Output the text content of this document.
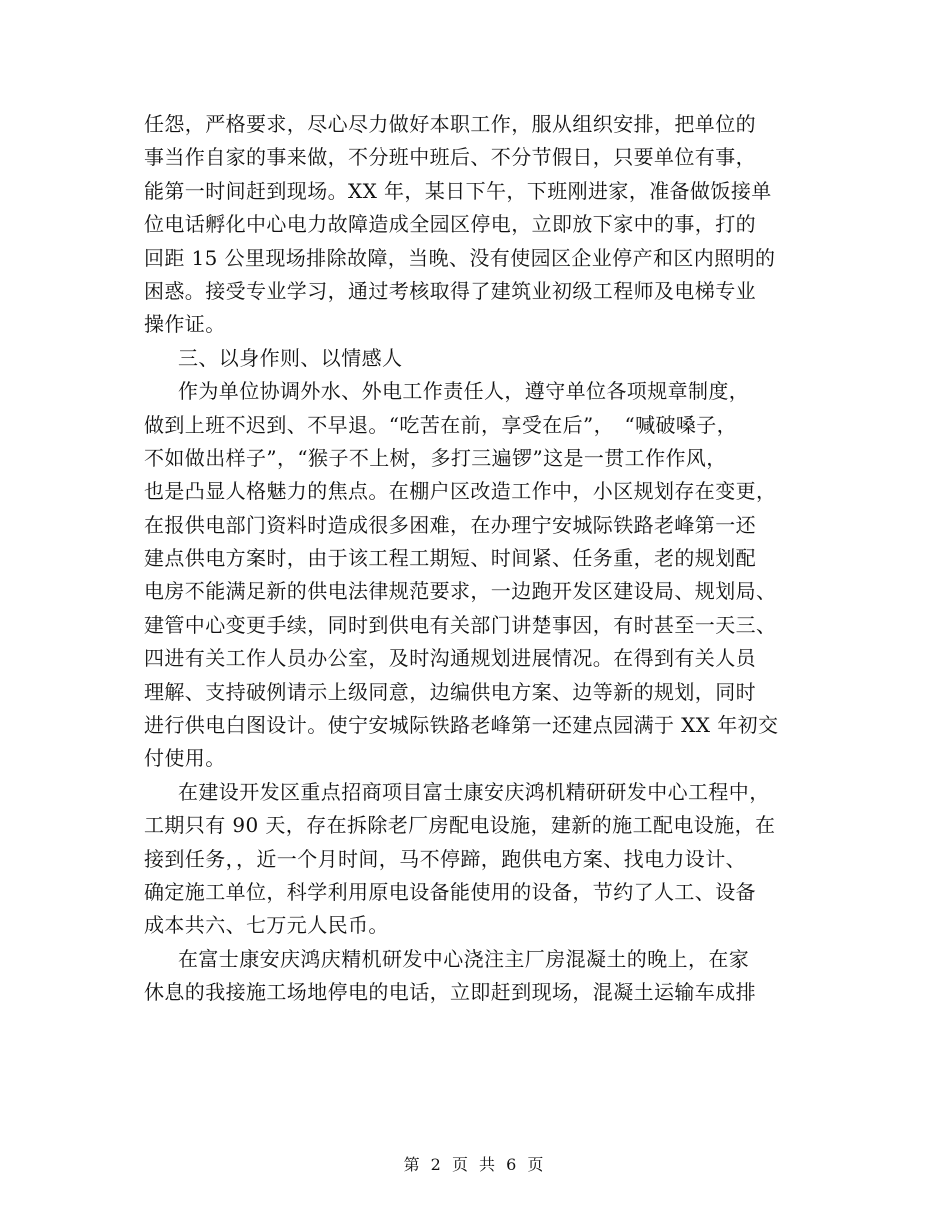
任怨，严格要求，尽心尽力做好本职工作，服从组织安排，把单位的
事当作自家的事来做，不分班中班后、不分节假日，只要单位有事，
能第一时间赶到现场。XX 年，某日下午，下班刚进家，准备做饭接单
位电话孵化中心电力故障造成全园区停电，立即放下家中的事，打的
回距 15 公里现场排除故障，当晚、没有使园区企业停产和区内照明的
困惑。接受专业学习，通过考核取得了建筑业初级工程师及电梯专业
操作证。
三、以身作则、以情感人
作为单位协调外水、外电工作责任人，遵守单位各项规章制度，
做到上班不迟到、不早退。“吃苦在前，享受在后”，　“喊破嗓子，
不如做出样子”，“猴子不上树，多打三遍锣”这是一贯工作作风，
也是凸显人格魅力的焦点。在棚户区改造工作中，小区规划存在变更，
在报供电部门资料时造成很多困难，在办理宁安城际铁路老峰第一还
建点供电方案时，由于该工程工期短、时间紧、任务重，老的规划配
电房不能满足新的供电法律规范要求，一边跑开发区建设局、规划局、
建管中心变更手续，同时到供电有关部门讲楚事因，有时甚至一天三、
四进有关工作人员办公室，及时沟通规划进展情况。在得到有关人员
理解、支持破例请示上级同意，边编供电方案、边等新的规划，同时
进行供电白图设计。使宁安城际铁路老峰第一还建点园满于 XX 年初交
付使用。
在建设开发区重点招商项目富士康安庆鸿机精研研发中心工程中，
工期只有 90 天，存在拆除老厂房配电设施，建新的施工配电设施，在
接到任务，，近一个月时间，马不停蹄，跑供电方案、找电力设计、
确定施工单位，科学利用原电设备能使用的设备，节约了人工、设备
成本共六、七万元人民币。
在富士康安庆鸿庆精机研发中心浇注主厂房混凝土的晚上，在家
休息的我接施工场地停电的电话，立即赶到现场，混凝土运输车成排
第 2 页 共 6 页
